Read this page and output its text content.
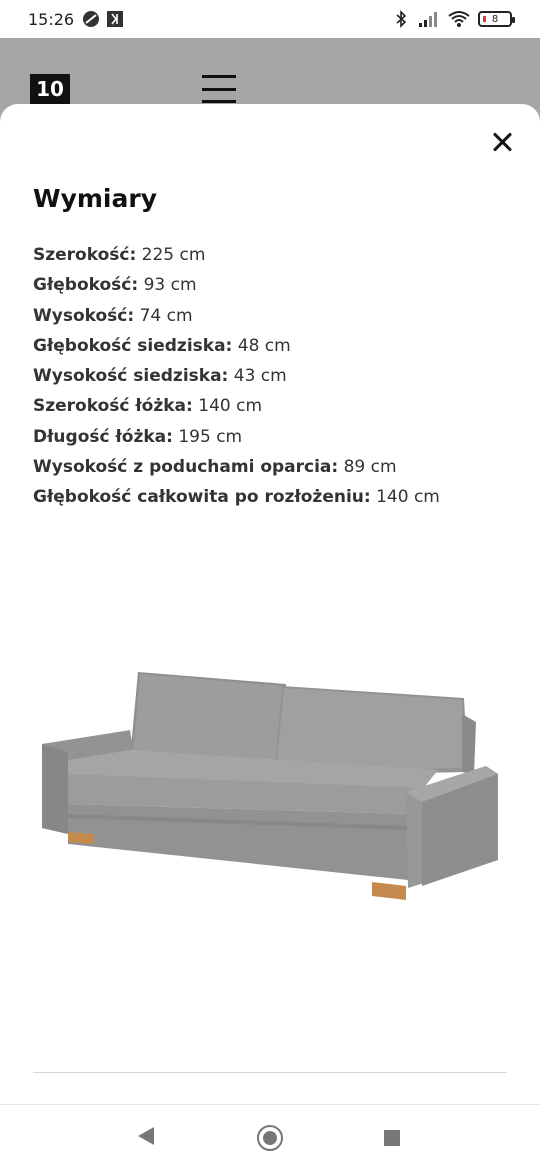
15:26	8
10
Wymiary
Szerokość: 225 cm
Głębokość: 93 cm
Wysokość: 74 cm
Głębokość siedziska: 48 cm
Wysokość siedziska: 43 cm
Szerokość łóżka: 140 cm
Długość łóżka: 195 cm
Wysokość z poduchami oparcia: 89 cm
Głębokość całkowita po rozłożeniu: 140 cm
